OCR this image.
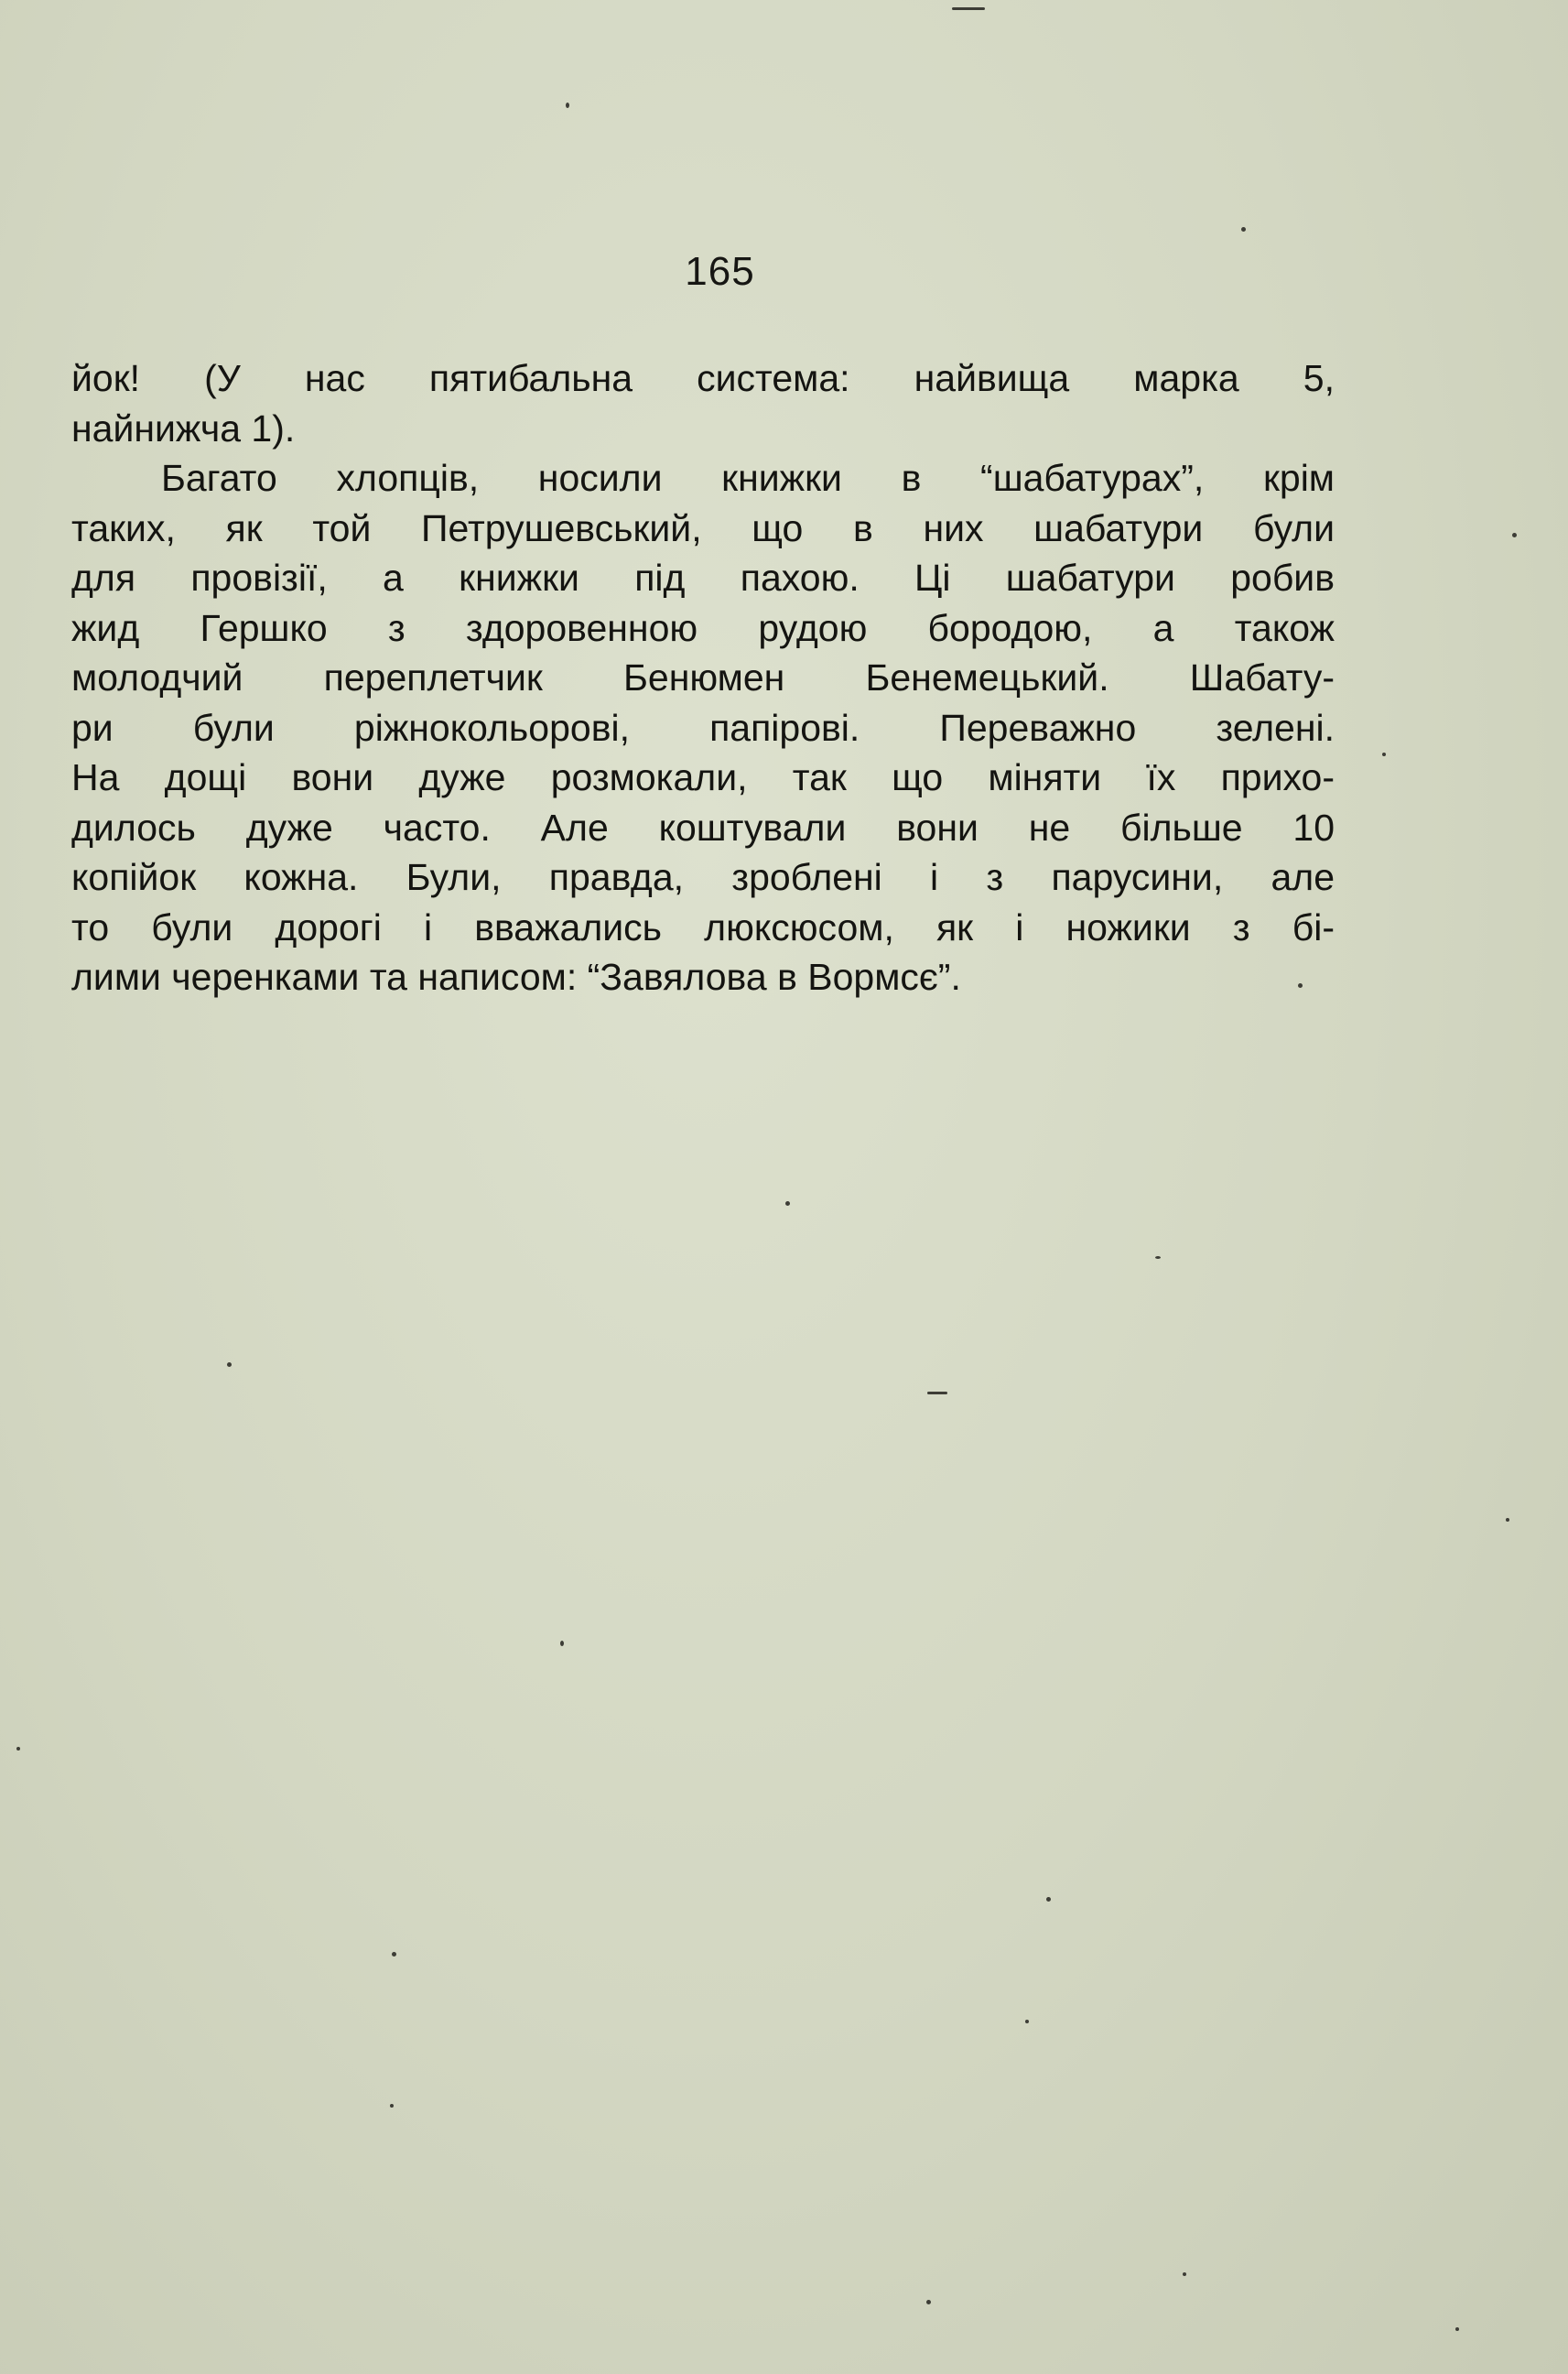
165
йок! (У нас пятибальна система: найвища марка 5,
найнижча 1).
Багато хлопців, носили книжки в “шабатурах”, крім
таких, як той Петрушевський, що в них шабатури були
для провізії, а книжки під пахою. Ці шабатури робив
жид Гершко з здоровенною рудою бородою, а також
молодчий переплетчик Бенюмен Бенемецький. Шабату-
ри були ріжнокольорові, папірові. Переважно зелені.
На дощі вони дуже розмокали, так що міняти їх прихо-
дилось дуже часто. Але коштували вони не більше 10
копійок кожна. Були, правда, зроблені і з парусини, але
то були дорогі і вважались люксюсом, як і ножики з бі-
лими черенками та написом: “Завялова в Вормсє”.
